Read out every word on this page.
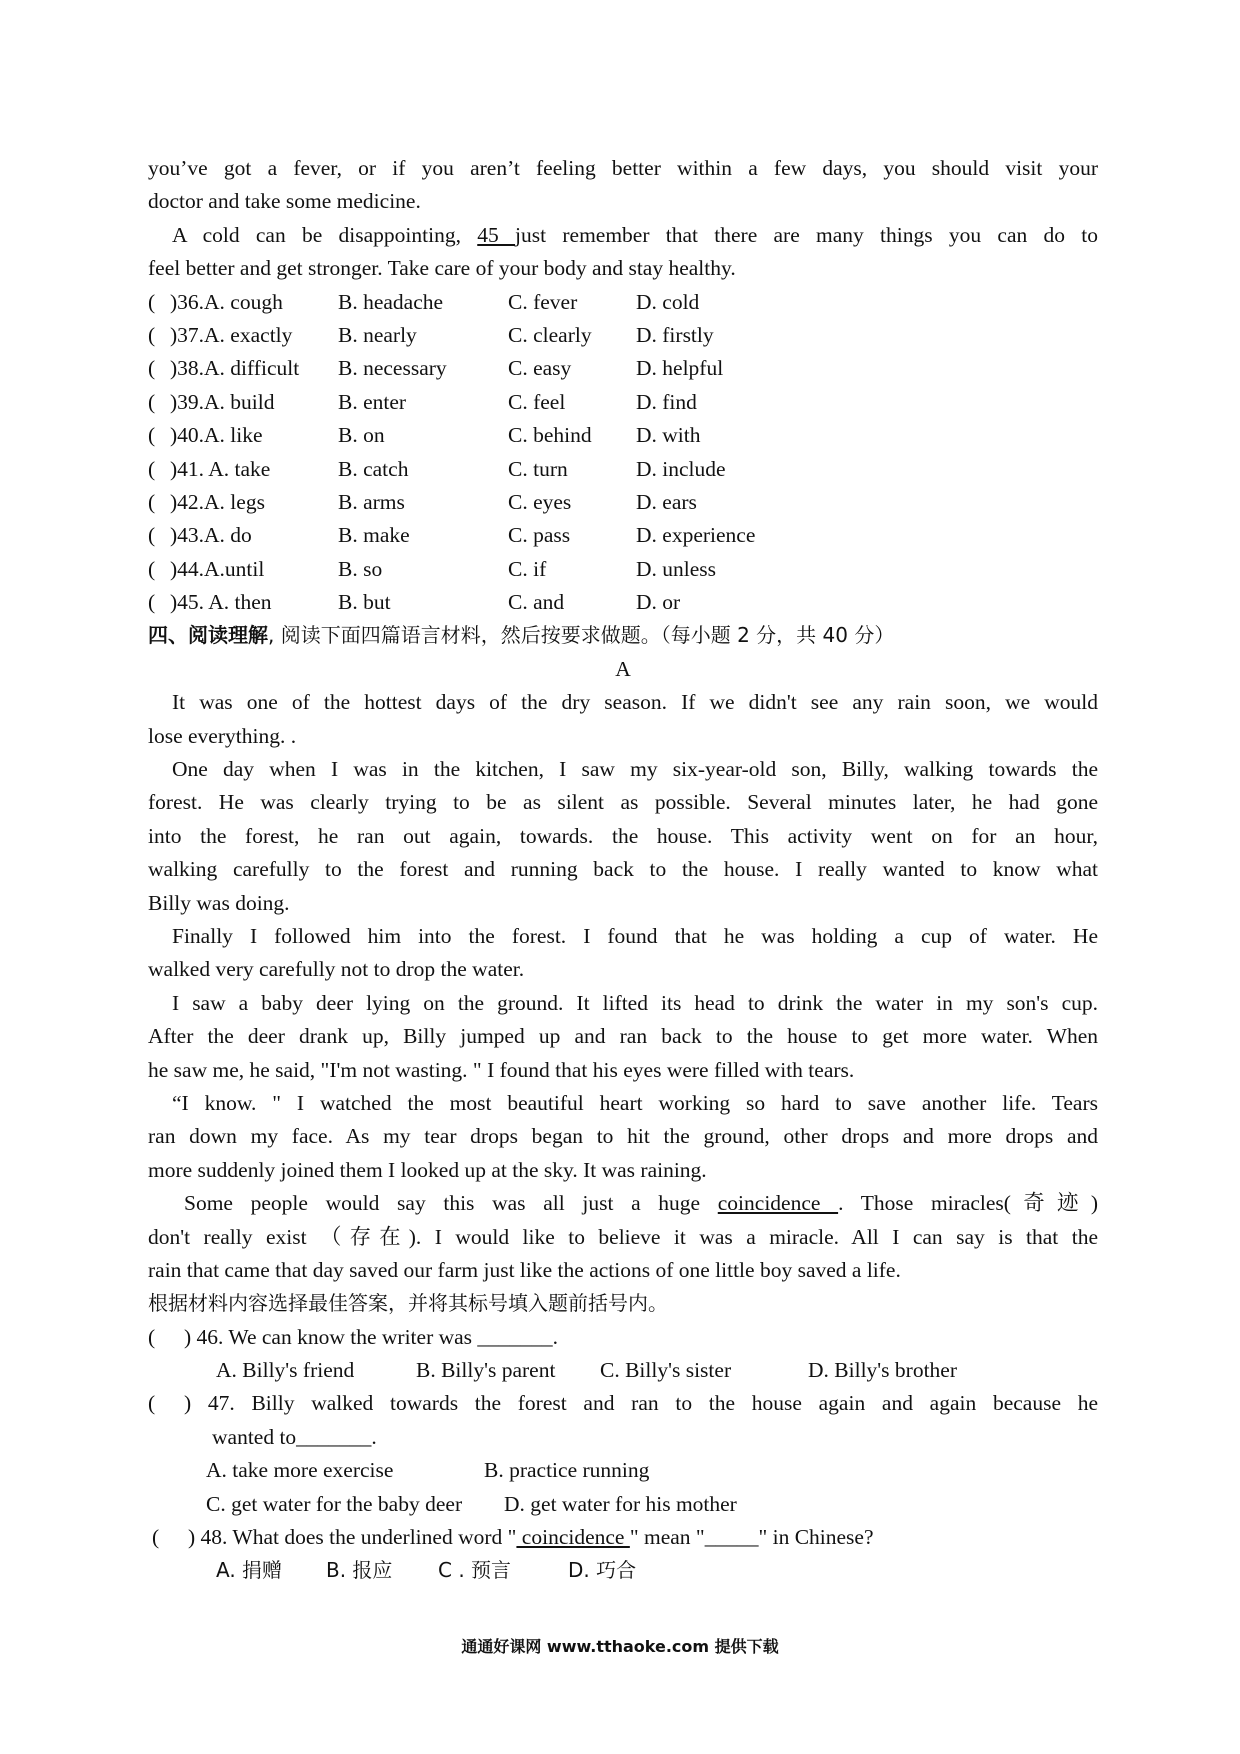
you’ve got a fever, or if you aren’t feeling better within a few days, you should visit your
doctor and take some medicine.
A cold can be disappointing, 45 just remember that there are many things you can do to
feel better and get stronger. Take care of your body and stay healthy.
( )36.A. cough	B. headache	C. fever	D. cold
( )37.A. exactly B. nearly	C. clearly D. firstly
( )38.A. difficult B. necessary	C. easy	D. helpful
( )39.A. build	B. enter	C. feel	D. find
( )40.A. like	B. on	C. behind D. with
( )41. A. take	B. catch	C. turn	D. include
( )42.A. legs	B. arms	C. eyes	D. ears
( )43.A. do	B. make	C. pass	D. experience
( )44.A.until	B. so	C. if	D. unless
( )45. A. then	B. but	C. and	D. or
四、阅读理解, 阅读下面四篇语言材料，然后按要求做题。（每小题 2 分，共 40 分）
A
It was one of the hottest days of the dry season. If we didn't see any rain soon, we would
lose everything. .
One day when I was in the kitchen, I saw my six-year-old son, Billy, walking towards the
forest. He was clearly trying to be as silent as possible. Several minutes later, he had gone
into the forest, he ran out again, towards. the house. This activity went on for an hour,
walking carefully to the forest and running back to the house. I really wanted to know what
Billy was doing.
Finally I followed him into the forest. I found that he was holding a cup of water. He
walked very carefully not to drop the water.
I saw a baby deer lying on the ground. It lifted its head to drink the water in my son's cup.
After the deer drank up, Billy jumped up and ran back to the house to get more water. When
he saw me, he said, "I'm not wasting. " I found that his eyes were filled with tears.
“I know. " I watched the most beautiful heart working so hard to save another life. Tears
ran down my face. As my tear drops began to hit the ground, other drops and more drops and
more suddenly joined them I looked up at the sky. It was raining.
Some people would say this was all just a huge coincidence . Those miracles(奇迹)
don't really exist （存在). I would like to believe it was a miracle. All I can say is that the
rain that came that day saved our farm just like the actions of one little boy saved a life.
根据材料内容选择最佳答案，并将其标号填入题前括号内。
( ) 46. We can know the writer was _______.
A. Billy's friend	B. Billy's parent C. Billy's sister	D. Billy's brother
( ) 47. Billy walked towards the forest and ran to the house again and again because he
wanted to_______.
A. take more exercise	B. practice running
C. get water for the baby deer D. get water for his mother
( ) 48. What does the underlined word " coincidence " mean "_____" in Chinese?
A. 捐赠 B. 报应 C . 预言	D. 巧合
通通好课网 www.tthaoke.com 提供下载
